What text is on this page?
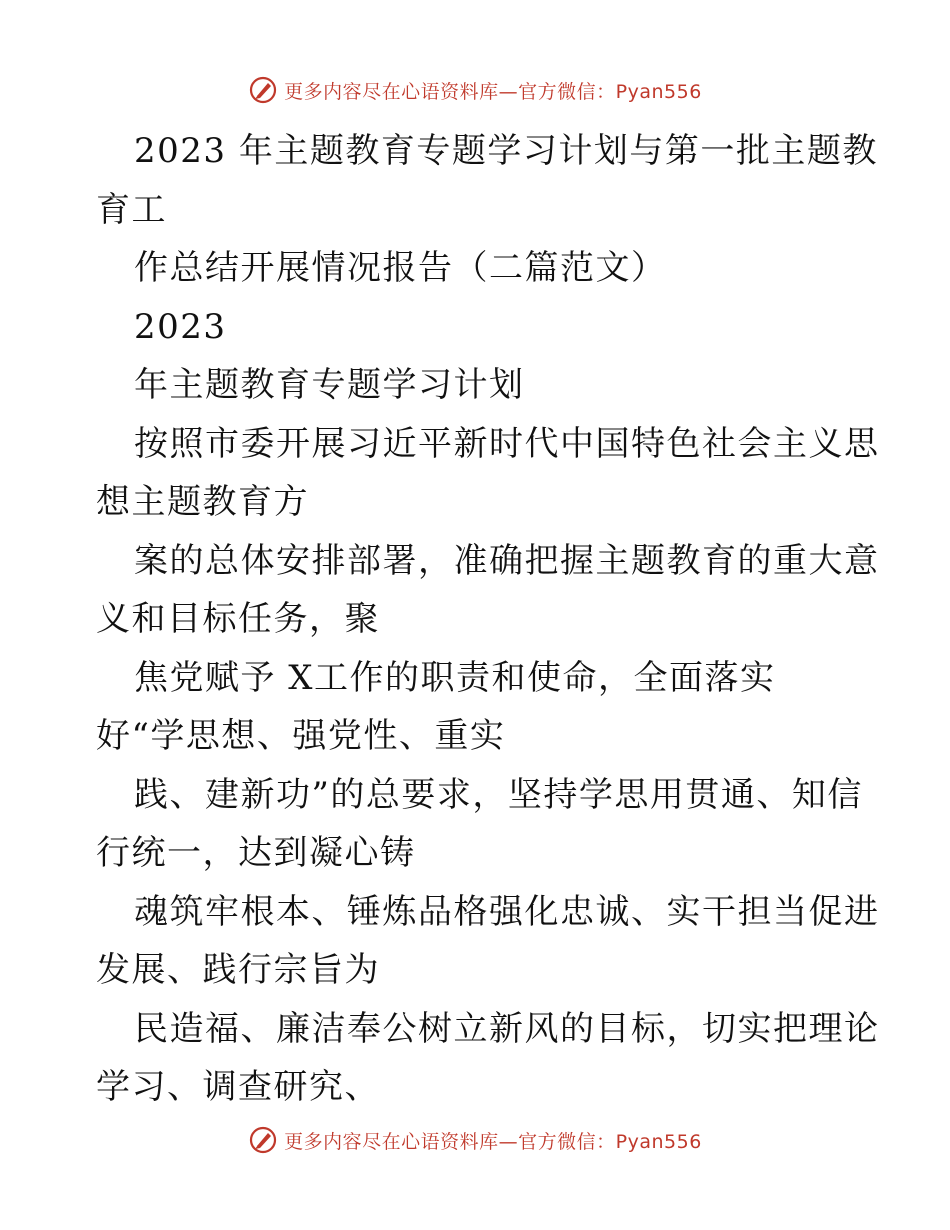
更多内容尽在心语资料库—官方微信：Pyan556
2023 年主题教育专题学习计划与第一批主题教
育工
作总结开展情况报告（二篇范文）
2023
年主题教育专题学习计划
按照市委开展习近平新时代中国特色社会主义思
想主题教育方
案的总体安排部署，准确把握主题教育的重大意
义和目标任务，聚
焦党赋予 X工作的职责和使命，全面落实
好“学思想、强党性、重实
践、建新功”的总要求，坚持学思用贯通、知信
行统一，达到凝心铸
魂筑牢根本、锤炼品格强化忠诚、实干担当促进
发展、践行宗旨为
民造福、廉洁奉公树立新风的目标，切实把理论
学习、调查研究、
更多内容尽在心语资料库—官方微信：Pyan556
